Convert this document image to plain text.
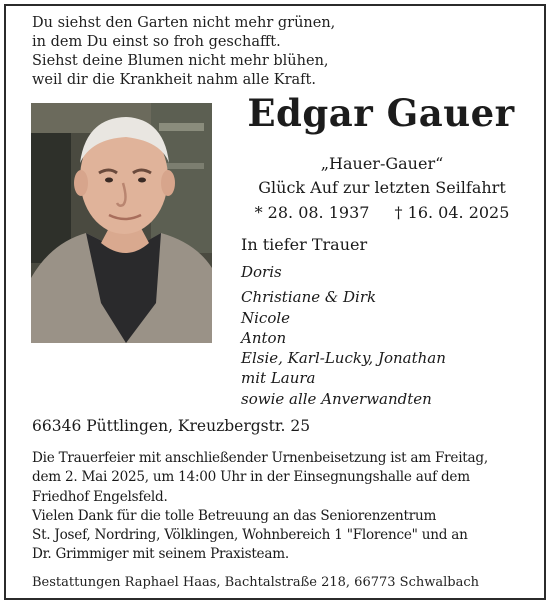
Du siehst den Garten nicht mehr grünen,
in dem Du einst so froh geschafft.
Siehst deine Blumen nicht mehr blühen,
weil dir die Krankheit nahm alle Kraft.
Edgar Gauer
„Hauer-Gauer“
Glück Auf zur letzten Seilfahrt
* 28. 08. 1937 † 16. 04. 2025
In tiefer Trauer
Doris
Christiane & Dirk
Nicole
Anton
Elsie, Karl-Lucky, Jonathan
mit Laura
sowie alle Anverwandten
66346 Püttlingen, Kreuzbergstr. 25
Die Trauerfeier mit anschließender Urnenbeisetzung ist am Freitag,
dem 2. Mai 2025, um 14:00 Uhr in der Einsegnungshalle auf dem
Friedhof Engelsfeld.
Vielen Dank für die tolle Betreuung an das Seniorenzentrum
St. Josef, Nordring, Völklingen, Wohnbereich 1 "Florence" und an
Dr. Grimmiger mit seinem Praxisteam.
Bestattungen Raphael Haas, Bachtalstraße 218, 66773 Schwalbach
